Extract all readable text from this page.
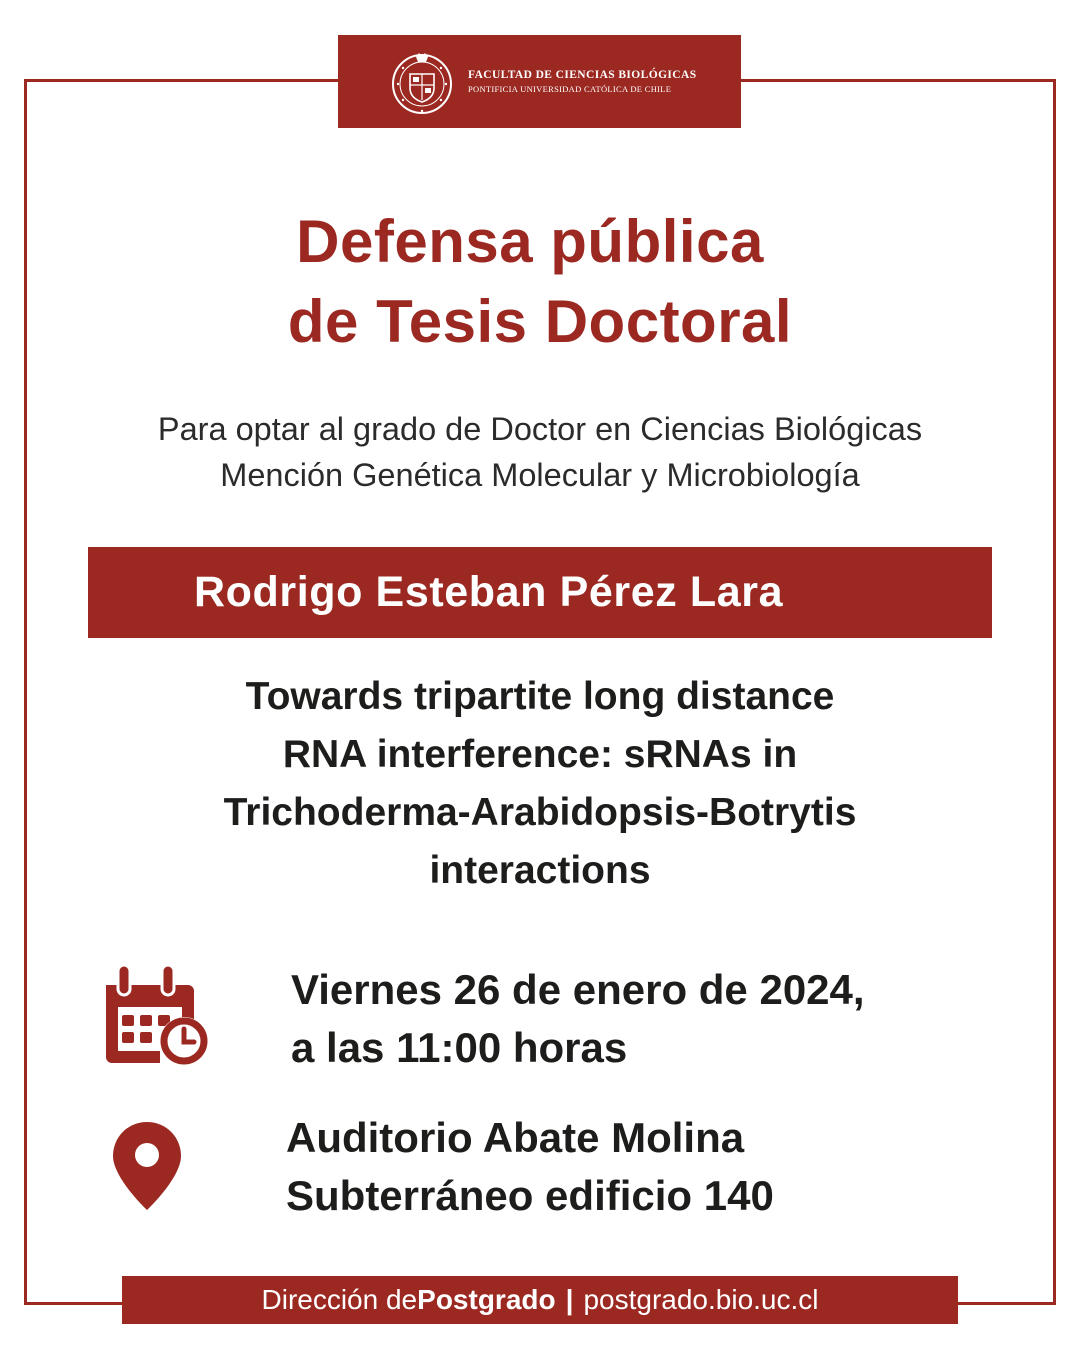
FACULTAD DE CIENCIAS BIOLÓGICAS
PONTIFICIA UNIVERSIDAD CATÓLICA DE CHILE
Defensa pública
de Tesis Doctoral
Para optar al grado de Doctor en Ciencias Biológicas
Mención Genética Molecular y Microbiología
Rodrigo Esteban Pérez Lara
Towards tripartite long distance
RNA interference: sRNAs in
Trichoderma-Arabidopsis-Botrytis
interactions
Viernes 26 de enero de 2024,
a las 11:00 horas
Auditorio Abate Molina
Subterráneo edificio 140
Dirección de Postgrado | postgrado.bio.uc.cl
